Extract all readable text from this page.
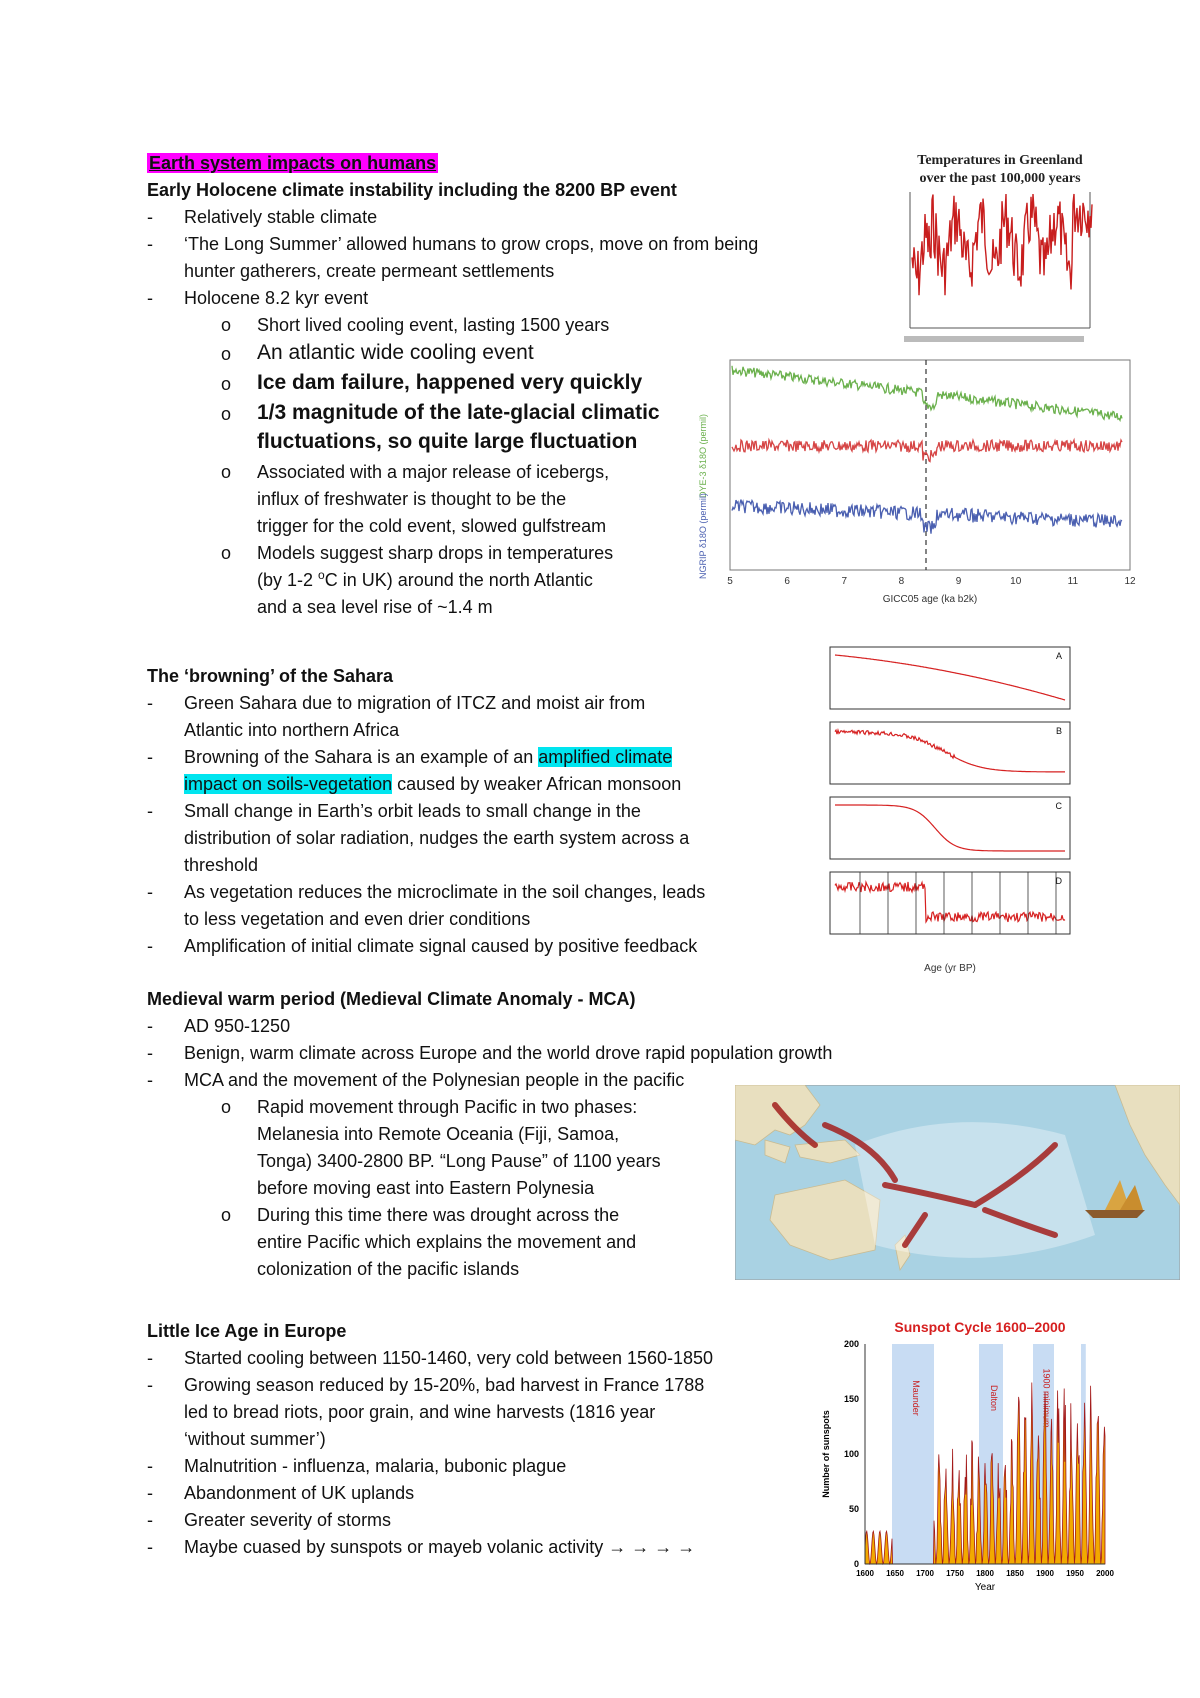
Earth system impacts on humans
Early Holocene climate instability including the 8200 BP event
- Relatively stable climate
- ‘The Long Summer’ allowed humans to grow crops, move on from being
hunter gatherers, create permeant settlements
- Holocene 8.2 kyr event
o Short lived cooling event, lasting 1500 years
o An atlantic wide cooling event
o Ice dam failure, happened very quickly
o 1/3 magnitude of the late-glacial climatic
fluctuations, so quite large fluctuation
o Associated with a major release of icebergs,
influx of freshwater is thought to be the
trigger for the cold event, slowed gulfstream
o Models suggest sharp drops in temperatures
(by 1-2 $^o$C in UK) around the north Atlantic
and a sea level rise of ~1.4 m
Temperatures in Greenland
over the past 100,000 years
5	6	7	8	9	10	11	12
GICC05 age (ka b2k)
DYE-3 δ18O (permil)
NGRIP δ18O (permil)
The ‘browning’ of the Sahara
- Green Sahara due to migration of ITCZ and moist air from
Atlantic into northern Africa
- Browning of the Sahara is an example of an amplified climate
impact on soils-vegetation caused by weaker African monsoon
- Small change in Earth’s orbit leads to small change in the
distribution of solar radiation, nudges the earth system across a
threshold
- As vegetation reduces the microclimate in the soil changes, leads
to less vegetation and even drier conditions
- Amplification of initial climate signal caused by positive feedback
A
B
C
D
Age (yr BP)
Medieval warm period (Medieval Climate Anomaly - MCA)
- AD 950-1250
- Benign, warm climate across Europe and the world drove rapid population growth
- MCA and the movement of the Polynesian people in the pacific
o Rapid movement through Pacific in two phases:
Melanesia into Remote Oceania (Fiji, Samoa,
Tonga) 3400-2800 BP. “Long Pause” of 1100 years
before moving east into Eastern Polynesia
o During this time there was drought across the
entire Pacific which explains the movement and
colonization of the pacific islands
Little Ice Age in Europe
- Started cooling between 1150-1460, very cold between 1560-1850
- Growing season reduced by 15-20%, bad harvest in France 1788
led to bread riots, poor grain, and wine harvests (1816 year
‘without summer’)
- Malnutrition - influenza, malaria, bubonic plague
- Abandonment of UK uplands
- Greater severity of storms
- Maybe cuased by sunspots or mayeb volanic activity → → → →
Sunspot Cycle 1600–2000
Maunder	Dalton	1900 minimum
200
150
100
50
0
1600 1650 1700 1750 1800 1850 1900 1950 2000
Number of sunspots
Year
